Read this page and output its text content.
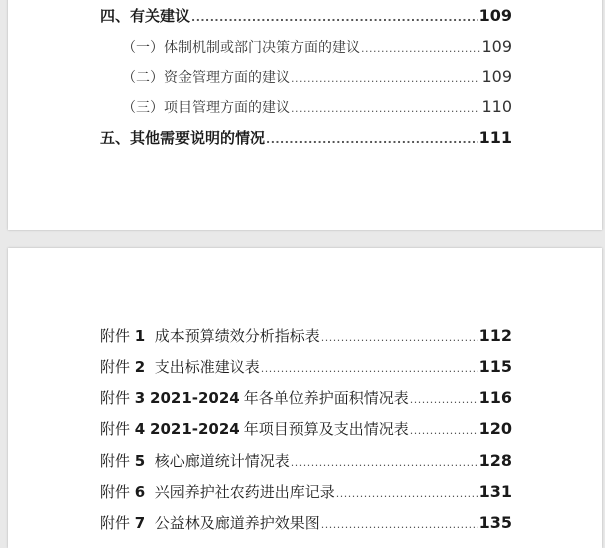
四、有关建议 .....	109
（一）体制机制或部门决策方面的建议 .....	109
（二）资金管理方面的建议 .....	109
（三）项目管理方面的建议 .....	110
五、其他需要说明的情况 .....	111
附件 1 成本预算绩效分析指标表 .....	112
附件 2 支出标准建议表 .....	115
附件 3 2021-2024 年各单位养护面积情况表 .....	116
附件 4 2021-2024 年项目预算及支出情况表 .....	120
附件 5 核心廊道统计情况表 .....	128
附件 6 兴园养护社农药进出库记录 .....	131
附件 7 公益林及廊道养护效果图 .....	135
